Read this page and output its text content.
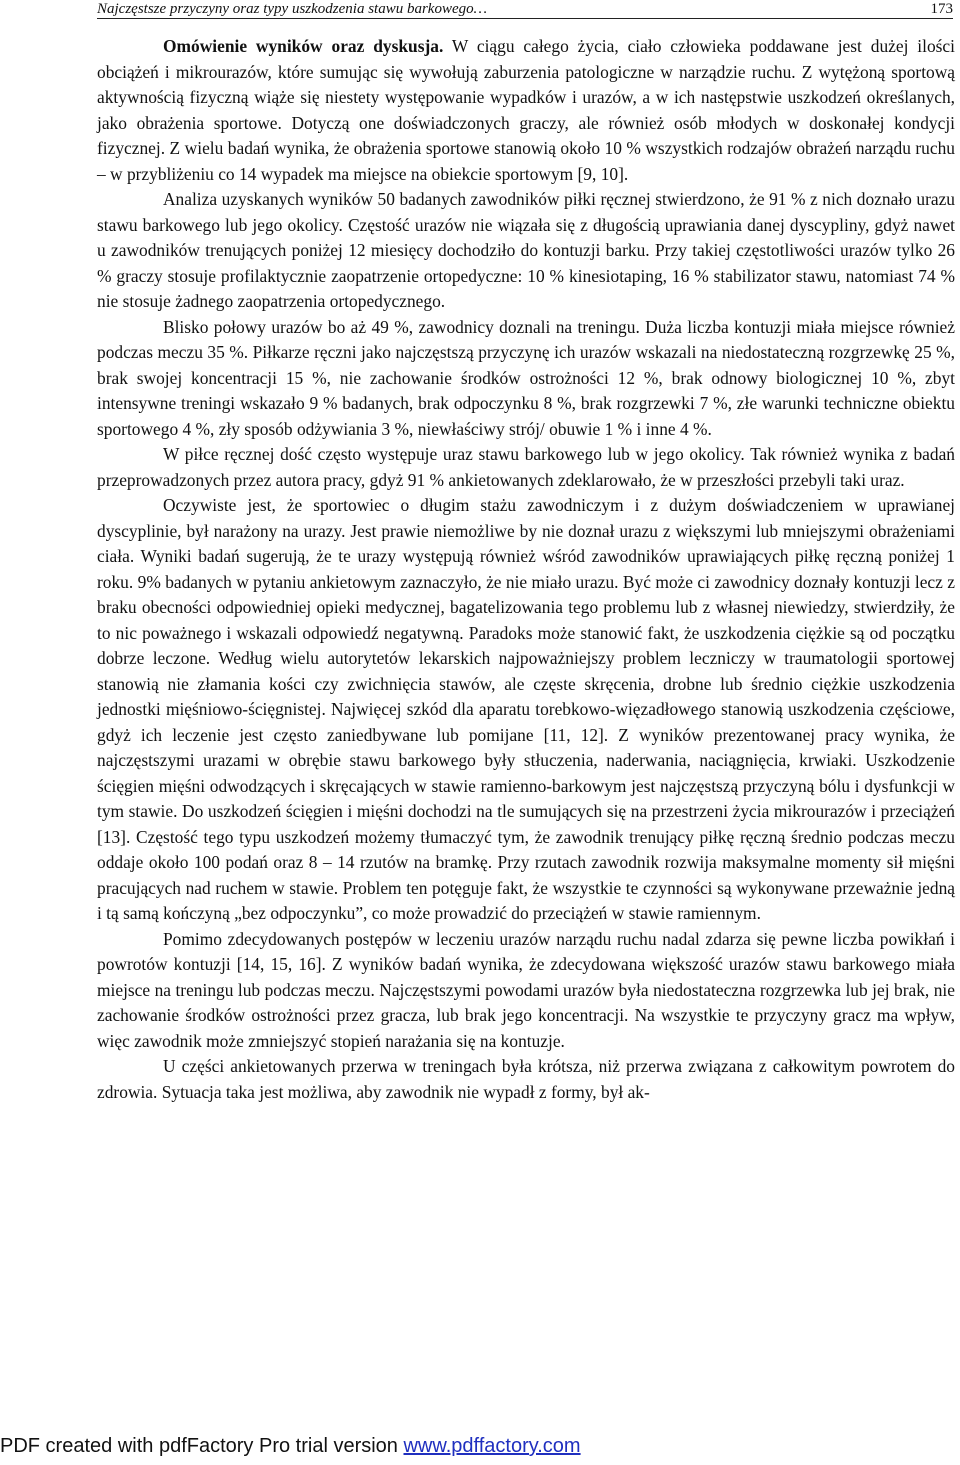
Najczęstsze przyczyny oraz typy uszkodzenia stawu barkowego…	173

Omówienie wyników oraz dyskusja. W ciągu całego życia, ciało człowieka poddawane jest dużej ilości obciążeń i mikrourazów, które sumując się wywołują zaburzenia patologiczne w narządzie ruchu. Z wytężoną sportową aktywnością fizyczną wiąże się niestety występowanie wypadków i urazów, a w ich następstwie uszkodzeń określanych, jako obrażenia sportowe. Dotyczą one doświadczonych graczy, ale również osób młodych w doskonałej kondycji fizycznej. Z wielu badań wynika, że obrażenia sportowe stanowią około 10 % wszystkich rodzajów obrażeń narządu ruchu – w przybliżeniu co 14 wypadek ma miejsce na obiekcie sportowym [9, 10].

Analiza uzyskanych wyników 50 badanych zawodników piłki ręcznej stwierdzono, że 91 % z nich doznało urazu stawu barkowego lub jego okolicy. Częstość urazów nie wiązała się z długością uprawiania danej dyscypliny, gdyż nawet u zawodników trenujących poniżej 12 miesięcy dochodziło do kontuzji barku. Przy takiej częstotliwości urazów tylko 26 % graczy stosuje profilaktycznie zaopatrzenie ortopedyczne: 10 % kinesiotaping, 16 % stabilizator stawu, natomiast 74 % nie stosuje żadnego zaopatrzenia ortopedycznego.

Blisko połowy urazów bo aż 49 %, zawodnicy doznali na treningu. Duża liczba kontuzji miała miejsce również podczas meczu 35 %. Piłkarze ręczni jako najczęstszą przyczynę ich urazów wskazali na niedostateczną rozgrzewkę 25 %, brak swojej koncentracji 15 %, nie zachowanie środków ostrożności 12 %, brak odnowy biologicznej 10 %, zbyt intensywne treningi wskazało 9 % badanych, brak odpoczynku 8 %, brak rozgrzewki 7 %, złe warunki techniczne obiektu sportowego 4 %, zły sposób odżywiania 3 %, niewłaściwy strój/ obuwie 1 % i inne 4 %.

W piłce ręcznej dość często występuje uraz stawu barkowego lub w jego okolicy. Tak również wynika z badań przeprowadzonych przez autora pracy, gdyż 91 % ankietowanych zdeklarowało, że w przeszłości przebyli taki uraz.

Oczywiste jest, że sportowiec o długim stażu zawodniczym i z dużym doświadczeniem w uprawianej dyscyplinie, był narażony na urazy. Jest prawie niemożliwe by nie doznał urazu z większymi lub mniejszymi obrażeniami ciała. Wyniki badań sugerują, że te urazy występują również wśród zawodników uprawiających piłkę ręczną poniżej 1 roku. 9% badanych w pytaniu ankietowym zaznaczyło, że nie miało urazu. Być może ci zawodnicy doznały kontuzji lecz z braku obecności odpowiedniej opieki medycznej, bagatelizowania tego problemu lub z własnej niewiedzy, stwierdziły, że to nic poważnego i wskazali odpowiedź negatywną. Paradoks może stanowić fakt, że uszkodzenia ciężkie są od początku dobrze leczone. Według wielu autorytetów lekarskich najpoważniejszy problem leczniczy w traumatologii sportowej stanowią nie złamania kości czy zwichnięcia stawów, ale częste skręcenia, drobne lub średnio ciężkie uszkodzenia jednostki mięśniowo-ścięgnistej. Najwięcej szkód dla aparatu torebkowo-więzadłowego stanowią uszkodzenia częściowe, gdyż ich leczenie jest często zaniedbywane lub pomijane [11, 12]. Z wyników prezentowanej pracy wynika, że najczęstszymi urazami w obrębie stawu barkowego były stłuczenia, naderwania, naciągnięcia, krwiaki. Uszkodzenie ścięgien mięśni odwodzących i skręcających w stawie ramienno-barkowym jest najczęstszą przyczyną bólu i dysfunkcji w tym stawie. Do uszkodzeń ścięgien i mięśni dochodzi na tle sumujących się na przestrzeni życia mikrourazów i przeciążeń [13]. Częstość tego typu uszkodzeń możemy tłumaczyć tym, że zawodnik trenujący piłkę ręczną średnio podczas meczu oddaje około 100 podań oraz 8 – 14 rzutów na bramkę. Przy rzutach zawodnik rozwija maksymalne momenty sił mięśni pracujących nad ruchem w stawie. Problem ten potęguje fakt, że wszystkie te czynności są wykonywane przeważnie jedną i tą samą kończyną „bez odpoczynku”, co może prowadzić do przeciążeń w stawie ramiennym.

Pomimo zdecydowanych postępów w leczeniu urazów narządu ruchu nadal zdarza się pewne liczba powikłań i powrotów kontuzji [14, 15, 16]. Z wyników badań wynika, że zdecydowana większość urazów stawu barkowego miała miejsce na treningu lub podczas meczu. Najczęstszymi powodami urazów była niedostateczna rozgrzewka lub jej brak, nie zachowanie środków ostrożności przez gracza, lub brak jego koncentracji. Na wszystkie te przyczyny gracz ma wpływ, więc zawodnik może zmniejszyć stopień narażania się na kontuzje.

U części ankietowanych przerwa w treningach była krótsza, niż przerwa związana z całkowitym powrotem do zdrowia. Sytuacja taka jest możliwa, aby zawodnik nie wypadł z formy, był ak-

PDF created with pdfFactory Pro trial version www.pdffactory.com
